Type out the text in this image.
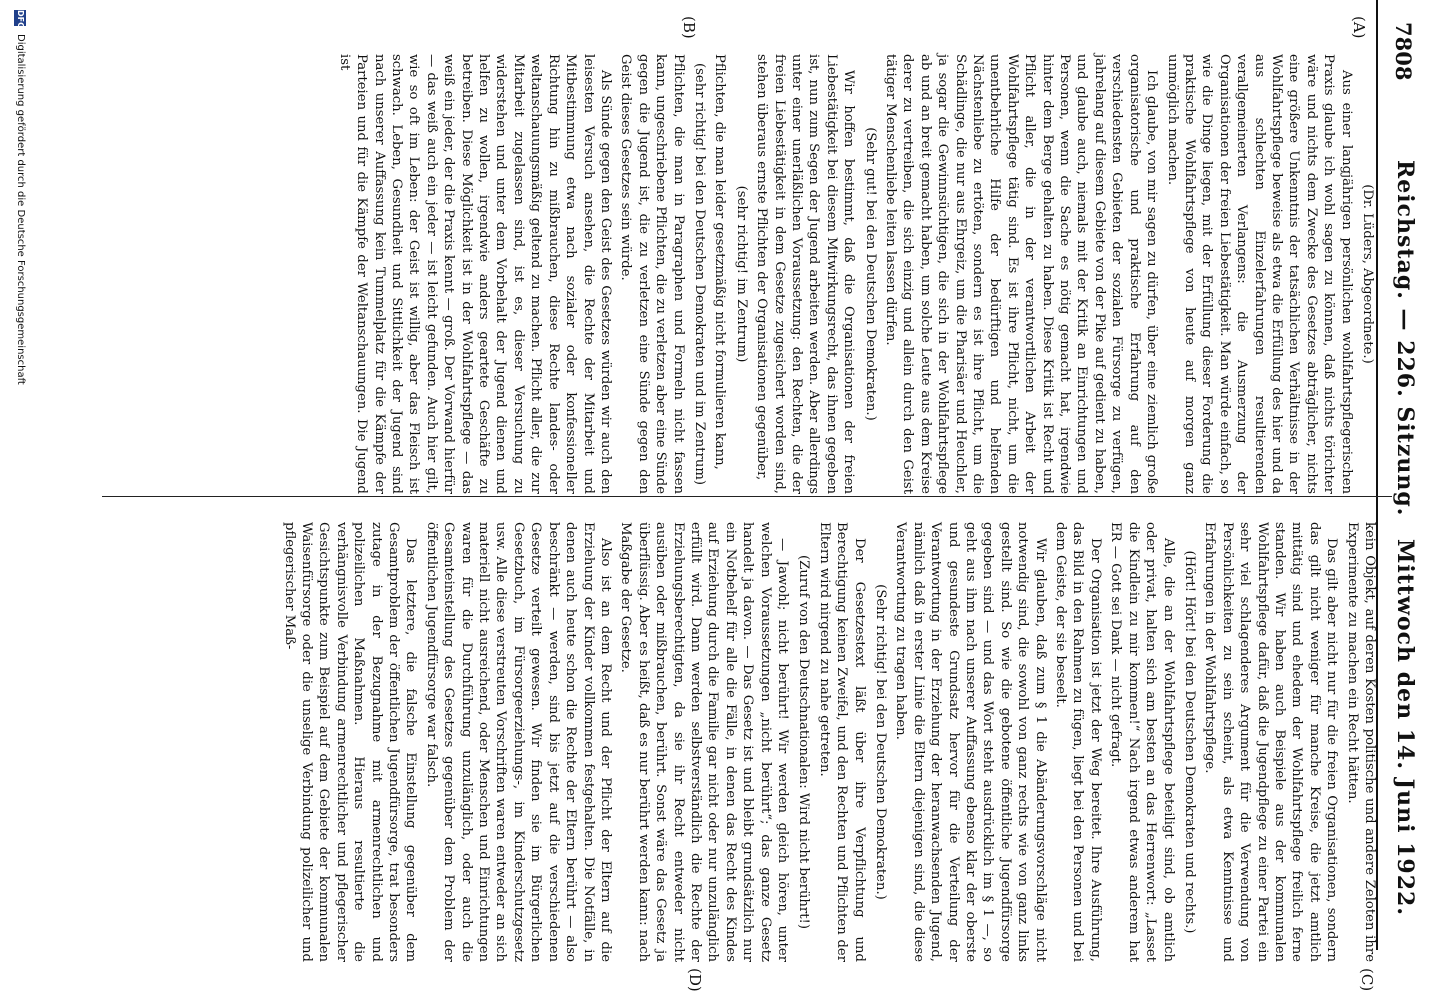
7808
Reichstag. — 226. Sitzung.
Mittwoch den 14. Juni 1922.
(A)
(B)
(C)
(D)

(Dr. Lüders, Abgeordnete.)

Aus einer langjährigen persönlichen wohlfahrtspflegerischen Praxis glaube ich wohl sagen zu können, daß nichts törichter wäre und nichts dem Zwecke des Gesetzes abträglicher, nichts eine größere Unkenntnis der tatsächlichen Verhältnisse in der Wohlfahrtspflege beweise als etwa die Erfüllung des hier und da aus schlechten Einzelerfahrungen resultierenden verallgemeinerten Verlangens: die Ausmerzung der Organisationen der freien Liebestätigkeit. Man würde einfach, so wie die Dinge liegen, mit der Erfüllung dieser Forderung die praktische Wohlfahrtspflege von heute auf morgen ganz unmöglich machen.

Ich glaube, von mir sagen zu dürfen, über eine ziemlich große organisatorische und praktische Erfahrung auf den verschiedensten Gebieten der sozialen Fürsorge zu verfügen, jahrelang auf diesem Gebiete von der Pike auf gedient zu haben, und glaube auch, niemals mit der Kritik an Einrichtungen und Personen, wenn die Sache es nötig gemacht hat, irgendwie hinter dem Berge gehalten zu haben. Diese Kritik ist Recht und Pflicht aller, die in der verantwortlichen Arbeit der Wohlfahrtspflege tätig sind. Es ist ihre Pflicht, nicht, um die unentbehrliche Hilfe der bedürftigen und helfenden Nächstenliebe zu ertöten, sondern es ist ihre Pflicht, um die Schädlinge, die nur aus Ehrgeiz, um die Pharisäer und Heuchler, ja sogar die Gewinnsüchtigen, die sich in der Wohlfahrtspflege ab und an breit gemacht haben, um solche Leute aus dem Kreise derer zu vertreiben, die sich einzig und allein durch den Geist tätiger Menschenliebe leiten lassen dürfen.

(Sehr gut! bei den Deutschen Demokraten.)

Wir hoffen bestimmt, daß die Organisationen der freien Liebestätigkeit bei diesem Mitwirkungsrecht, das ihnen gegeben ist, nun zum Segen der Jugend arbeiten werden. Aber allerdings unter einer unerläßlichen Voraussetzung: den Rechten, die der freien Liebestätigkeit in dem Gesetze zugesichert worden sind, stehen überaus ernste Pflichten der Organisationen gegenüber,

(sehr richtig! im Zentrum)

Pflichten, die man leider gesetzmäßig nicht formulieren kann,

(sehr richtig! bei den Deutschen Demokraten und im Zentrum)

Pflichten, die man in Paragraphen und Formeln nicht fassen kann, ungeschriebene Pflichten, die zu verletzen aber eine Sünde gegen die Jugend ist, die zu verletzen eine Sünde gegen den Geist dieses Gesetzes sein würde.

Als Sünde gegen den Geist des Gesetzes würden wir auch den leisesten Versuch ansehen, die Rechte der Mitarbeit und Mitbestimmung etwa nach sozialer oder konfessioneller Richtung hin zu mißbrauchen, diese Rechte landes- oder weltanschauungsmäßig geltend zu machen. Pflicht aller, die zur Mitarbeit zugelassen sind, ist es, dieser Versuchung zu widerstehen und unter dem Vorbehalt der Jugend dienen und helfen zu wollen, irgendwie anders geartete Geschäfte zu betreiben. Diese Möglichkeit ist in der Wohlfahrtspflege — das weiß ein jeder, der die Praxis kennt — groß. Der Vorwand hierfür — das weiß auch ein jeder — ist leicht gefunden. Auch hier gilt, wie so oft im Leben: der Geist ist willig, aber das Fleisch ist schwach. Leben, Gesundheit und Sittlichkeit der Jugend sind nach unserer Auffassung kein Tummelplatz für die Kämpfe der Parteien und für die Kämpfe der Weltanschauungen. Die Jugend ist

kein Objekt, auf deren Kosten politische und andere Zeloten ihre Experimente zu machen ein Recht hätten.

Das gilt aber nicht nur für die freien Organisationen, sondern das gilt nicht weniger für manche Kreise, die jetzt amtlich mittätig sind und ehedem der Wohlfahrtspflege freilich ferne standen. Wir haben auch Beispiele aus der kommunalen Wohlfahrtspflege dafür, daß die Jugendpflege zu einer Partei ein sehr viel schlagenderes Argument für die Verwendung von Persönlichkeiten zu sein scheint, als etwa Kenntnisse und Erfahrungen in der Wohlfahrtspflege.

(Hört! Hört! bei den Deutschen Demokraten und rechts.)

Alle, die an der Wohlfahrtspflege beteiligt sind, ob amtlich oder privat, halten sich am besten an das Herrenwort: „Lasset die Kindlein zu mir kommen!“ Nach irgend etwas anderem hat ER — Gott sei Dank — nicht gefragt.

Der Organisation ist jetzt der Weg bereitet. Ihre Ausführung, das Bild in den Rahmen zu fügen, liegt bei den Personen und bei dem Geiste, der sie beseelt.

Wir glauben, daß zum § 1 die Abänderungsvorschläge nicht notwendig sind, die sowohl von ganz rechts wie von ganz links gestellt sind. So wie die gebotene öffentliche Jugendfürsorge gegeben sind — und das Wort steht ausdrücklich im § 1 —, so geht aus ihm nach unserer Auffassung ebenso klar der oberste und gesundeste Grundsatz hervor für die Verteilung der Verantwortung in der Erziehung der heranwachsenden Jugend, nämlich daß in erster Linie die Eltern diejenigen sind, die diese Verantwortung zu tragen haben.

(Sehr richtig! bei den Deutschen Demokraten.)

Der Gesetzestext läßt über ihre Verpflichtung und Berechtigung keinen Zweifel, und den Rechten und Pflichten der Eltern wird nirgend zu nahe getreten.

(Zuruf von den Deutschnationalen: Wird nicht berührt!)

— Jawohl; nicht berührt! Wir werden gleich hören, unter welchen Voraussetzungen „nicht berührt“; das ganze Gesetz handelt ja davon. — Das Gesetz ist und bleibt grundsätzlich nur ein Notbehelf für alle die Fälle, in denen das Recht des Kindes auf Erziehung durch die Familie gar nicht oder nur unzulänglich erfüllt wird. Dann werden selbstverständlich die Rechte der Erziehungsberechtigten, da sie ihr Recht entweder nicht ausüben oder mißbrauchen, berührt. Sonst wäre das Gesetz ja überflüssig. Aber es heißt, daß es nur berührt werden kann: nach Maßgabe der Gesetze.

Also ist an dem Recht und der Pflicht der Eltern auf die Erziehung der Kinder vollkommen festgehalten. Die Notfälle, in denen auch heute schon die Rechte der Eltern berührt — also beschränkt — werden, sind bis jetzt auf die verschiedenen Gesetze verteilt gewesen. Wir finden sie im Bürgerlichen Gesetzbuch, im Fürsorgeerziehungs-, im Kinderschutzgesetz usw. Alle diese verstreuten Vorschriften waren entweder an sich materiell nicht ausreichend, oder Menschen und Einrichtungen waren für die Durchführung unzulänglich, oder auch die Gesamteinstellung des Gesetzes gegenüber dem Problem der öffentlichen Jugendfürsorge war falsch.

Das letztere, die falsche Einstellung gegenüber dem Gesamtproblem der öffentlichen Jugendfürsorge, trat besonders zutage in der Bezugnahme mit armenrechtlichen und polizeilichen Maßnahmen. Hieraus resultierte die verhängnisvolle Verbindung armenrechtlicher und pflegerischer Gesichtspunkte zum Beispiel auf dem Gebiete der kommunalen Waisenfürsorge oder die unselige Verbindung polizeilicher und pflegerischer Maß-

DFG
Digitalisierung gefördert durch die Deutsche Forschungsgemeinschaft
